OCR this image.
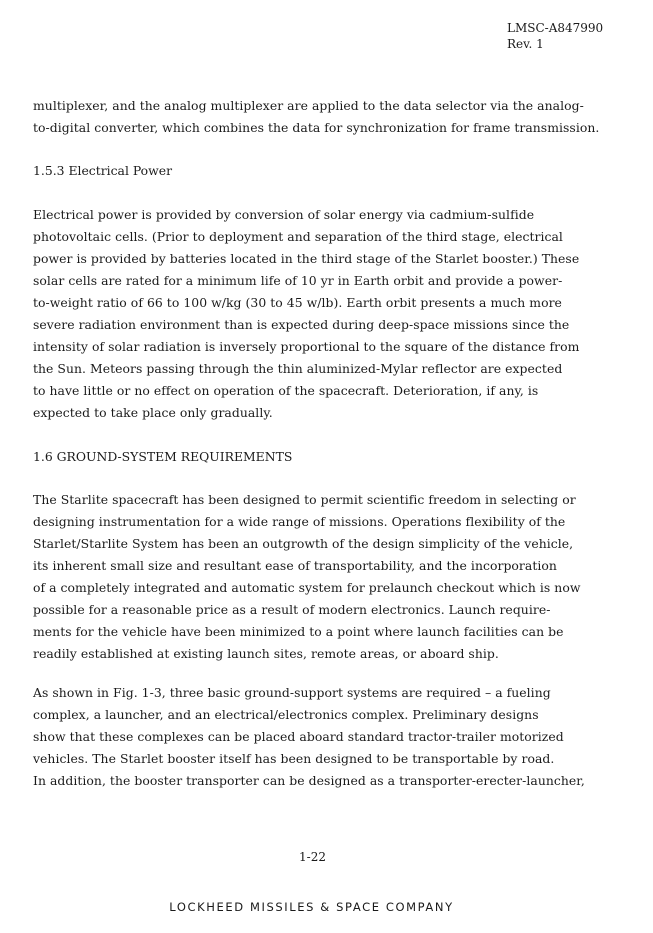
LMSC-A847990
Rev. 1
multiplexer, and the analog multiplexer are applied to the data selector via the analog-
to-digital converter, which combines the data for synchronization for frame transmission.
1.5.3 Electrical Power
Electrical power is provided by conversion of solar energy via cadmium-sulfide
photovoltaic cells. (Prior to deployment and separation of the third stage, electrical
power is provided by batteries located in the third stage of the Starlet booster.) These
solar cells are rated for a minimum life of 10 yr in Earth orbit and provide a power-
to-weight ratio of 66 to 100 w/kg (30 to 45 w/lb). Earth orbit presents a much more
severe radiation environment than is expected during deep-space missions since the
intensity of solar radiation is inversely proportional to the square of the distance from
the Sun. Meteors passing through the thin aluminized-Mylar reflector are expected
to have little or no effect on operation of the spacecraft. Deterioration, if any, is
expected to take place only gradually.
1.6 GROUND-SYSTEM REQUIREMENTS
The Starlite spacecraft has been designed to permit scientific freedom in selecting or
designing instrumentation for a wide range of missions. Operations flexibility of the
Starlet/Starlite System has been an outgrowth of the design simplicity of the vehicle,
its inherent small size and resultant ease of transportability, and the incorporation
of a completely integrated and automatic system for prelaunch checkout which is now
possible for a reasonable price as a result of modern electronics. Launch require-
ments for the vehicle have been minimized to a point where launch facilities can be
readily established at existing launch sites, remote areas, or aboard ship.
As shown in Fig. 1-3, three basic ground-support systems are required – a fueling
complex, a launcher, and an electrical/electronics complex. Preliminary designs
show that these complexes can be placed aboard standard tractor-trailer motorized
vehicles. The Starlet booster itself has been designed to be transportable by road.
In addition, the booster transporter can be designed as a transporter-erecter-launcher,
1-22
LOCKHEED MISSILES & SPACE COMPANY
